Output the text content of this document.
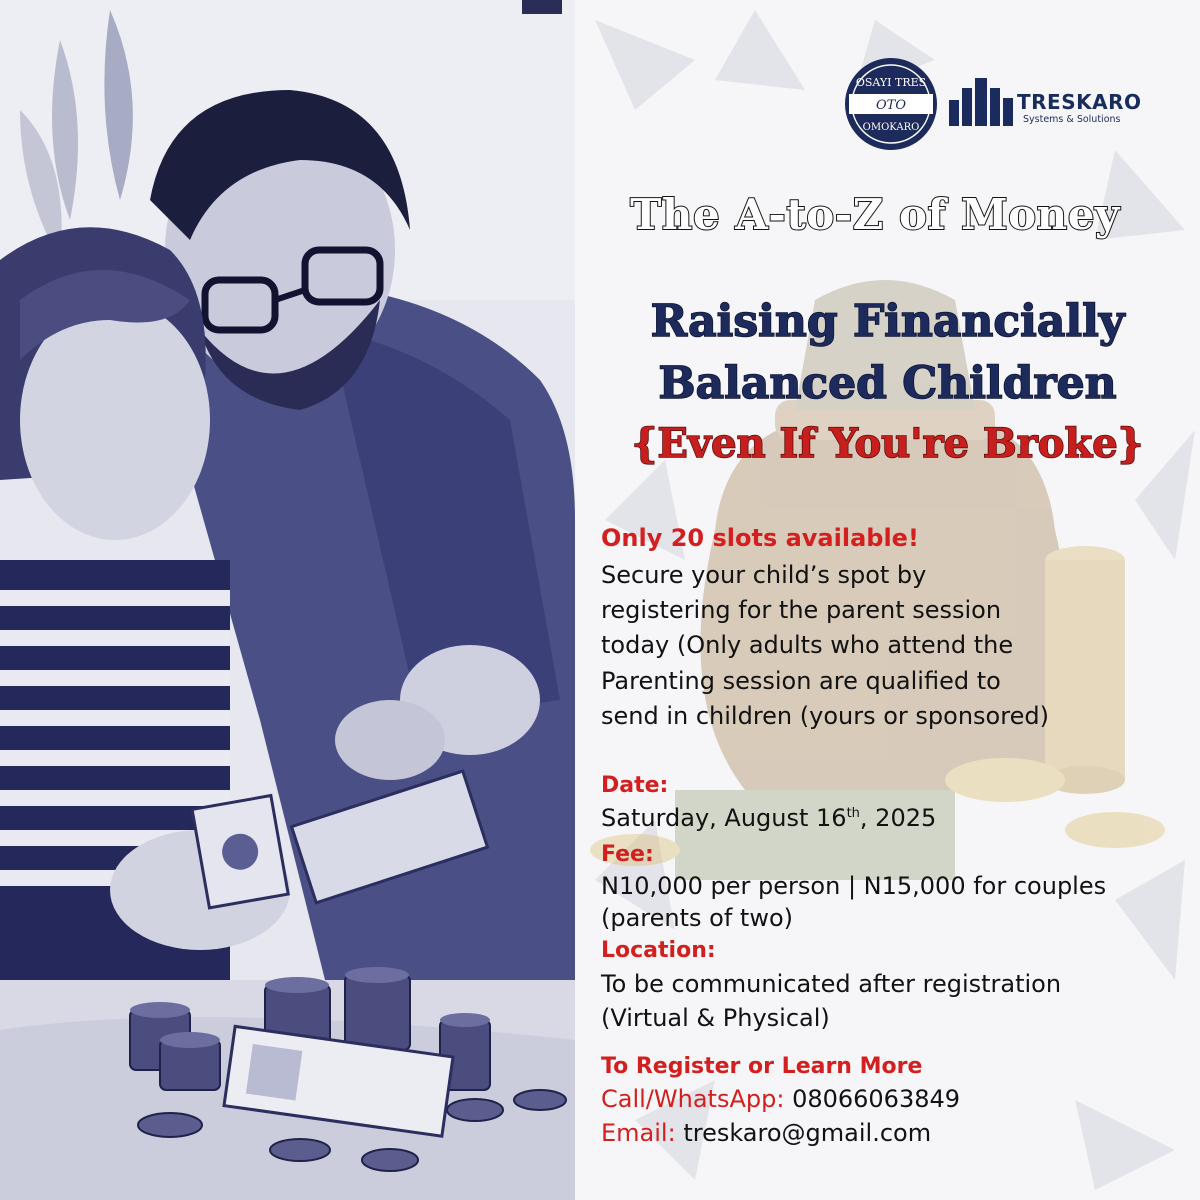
OSAYI TRES
OTO
OMOKARO
TRESKARO
Systems & Solutions
The A-to-Z of Money
Raising Financially
Balanced Children
{Even If You're Broke}
Only 20 slots available!
Secure your child’s spot by
registering for the parent session
today (Only adults who attend the
Parenting session are qualified to
send in children (yours or sponsored)
Date:
Saturday, August 16th, 2025
Fee:
N10,000 per person | N15,000 for couples
(parents of two)
Location:
To be communicated after registration
(Virtual & Physical)
To Register or Learn More
Call/WhatsApp: 08066063849
Email: treskaro@gmail.com
